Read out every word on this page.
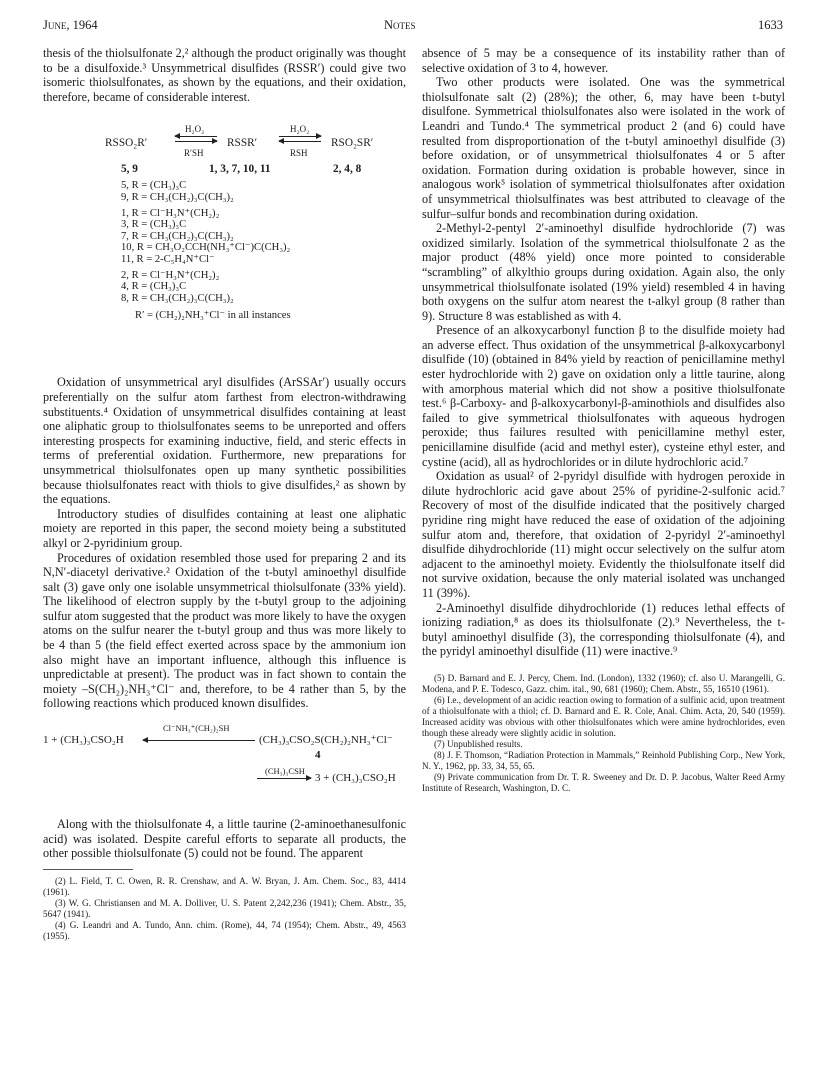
June, 1964	Notes	1633

thesis of the thiolsulfonate 2,² although the product originally was thought to be a disulfoxide.³ Unsymmetrical disulfides (RSSR′) could give two isomeric thiolsulfonates, as shown by the equations, and their oxidation, therefore, became of considerable interest.

RSSO₂R′
H₂O₂
R′SH
RSSR′
H₂O₂
RSH
RSO₂SR′
5, 9	1, 3, 7, 10, 11	2, 4, 8
5, R = (CH₃)₃C
9, R = CH₃(CH₂)₃C(CH₃)₂
1, R = Cl⁻H₃N⁺(CH₂)₂
3, R = (CH₃)₃C
7, R = CH₃(CH₂)₃C(CH₃)₂
10, R = CH₃O₂CCH(NH₃⁺Cl⁻)C(CH₃)₂
11, R = 2-C₅H₄N⁺Cl⁻
2, R = Cl⁻H₃N⁺(CH₂)₂
4, R = (CH₃)₃C
8, R = CH₃(CH₂)₃C(CH₃)₂
R′ = (CH₂)₂NH₃⁺Cl⁻ in all instances

Oxidation of unsymmetrical aryl disulfides (ArSSAr′) usually occurs preferentially on the sulfur atom farthest from electron-withdrawing substituents.⁴ Oxidation of unsymmetrical disulfides containing at least one aliphatic group to thiolsulfonates seems to be unreported and offers interesting prospects for examining inductive, field, and steric effects in terms of preferential oxidation. Furthermore, new preparations for unsymmetrical thiolsulfonates open up many synthetic possibilities because thiolsulfonates react with thiols to give disulfides,² as shown by the equations.

Introductory studies of disulfides containing at least one aliphatic moiety are reported in this paper, the second moiety being a substituted alkyl or 2-pyridinium group.

Procedures of oxidation resembled those used for preparing 2 and its N,N′-diacetyl derivative.² Oxidation of the t-butyl aminoethyl disulfide salt (3) gave only one isolable unsymmetrical thiolsulfonate (33% yield). The likelihood of electron supply by the t-butyl group to the adjoining sulfur atom suggested that the product was more likely to have the oxygen atoms on the sulfur nearer the t-butyl group and thus was more likely to be 4 than 5 (the field effect exerted across space by the ammonium ion also might have an important influence, although this influence is unpredictable at present). The product was in fact shown to contain the moiety –S(CH₂)₂NH₃⁺Cl⁻ and, therefore, to be 4 rather than 5, by the following reactions which produced known disulfides.

Cl⁻NH₃⁺(CH₂)₂SH
1 + (CH₃)₃CSO₂H	(CH₃)₃CSO₂S(CH₂)₂NH₃⁺Cl⁻
4
(CH₃)₃CSH
3 + (CH₃)₃CSO₂H

Along with the thiolsulfonate 4, a little taurine (2-aminoethanesulfonic acid) was isolated. Despite careful efforts to separate all products, the other possible thiolsulfonate (5) could not be found. The apparent

(2) L. Field, T. C. Owen, R. R. Crenshaw, and A. W. Bryan, J. Am. Chem. Soc., 83, 4414 (1961).

(3) W. G. Christiansen and M. A. Dolliver, U. S. Patent 2,242,236 (1941); Chem. Abstr., 35, 5647 (1941).

(4) G. Leandri and A. Tundo, Ann. chim. (Rome), 44, 74 (1954); Chem. Abstr., 49, 4563 (1955).

absence of 5 may be a consequence of its instability rather than of selective oxidation of 3 to 4, however.

Two other products were isolated. One was the symmetrical thiolsulfonate salt (2) (28%); the other, 6, may have been t-butyl disulfone. Symmetrical thiolsulfonates also were isolated in the work of Leandri and Tundo.⁴ The symmetrical product 2 (and 6) could have resulted from disproportionation of the t-butyl aminoethyl disulfide (3) before oxidation, or of unsymmetrical thiolsulfonates 4 or 5 after oxidation. Formation during oxidation is probable however, since in analogous work⁵ isolation of symmetrical thiolsulfonates after oxidation of unsymmetrical thiolsulfinates was best attributed to cleavage of the sulfur–sulfur bonds and recombination during oxidation.

2-Methyl-2-pentyl 2′-aminoethyl disulfide hydrochloride (7) was oxidized similarly. Isolation of the symmetrical thiolsulfonate 2 as the major product (48% yield) once more pointed to considerable “scrambling” of alkylthio groups during oxidation. Again also, the only unsymmetrical thiolsulfonate isolated (19% yield) resembled 4 in having both oxygens on the sulfur atom nearest the t-alkyl group (8 rather than 9). Structure 8 was established as with 4.

Presence of an alkoxycarbonyl function β to the disulfide moiety had an adverse effect. Thus oxidation of the unsymmetrical β-alkoxycarbonyl disulfide (10) (obtained in 84% yield by reaction of penicillamine methyl ester hydrochloride with 2) gave on oxidation only a little taurine, along with amorphous material which did not show a positive thiolsulfonate test.⁶ β-Carboxy- and β-alkoxycarbonyl-β-aminothiols and disulfides also failed to give symmetrical thiolsulfonates with aqueous hydrogen peroxide; thus failures resulted with penicillamine methyl ester, penicillamine disulfide (acid and methyl ester), cysteine ethyl ester, and cystine (acid), all as hydrochlorides or in dilute hydrochloric acid.⁷

Oxidation as usual² of 2-pyridyl disulfide with hydrogen peroxide in dilute hydrochloric acid gave about 25% of pyridine-2-sulfonic acid.⁷ Recovery of most of the disulfide indicated that the positively charged pyridine ring might have reduced the ease of oxidation of the adjoining sulfur atom and, therefore, that oxidation of 2-pyridyl 2′-aminoethyl disulfide dihydrochloride (11) might occur selectively on the sulfur atom adjacent to the aminoethyl moiety. Evidently the thiolsulfonate itself did not survive oxidation, because the only material isolated was unchanged 11 (39%).

2-Aminoethyl disulfide dihydrochloride (1) reduces lethal effects of ionizing radiation,⁸ as does its thiolsulfonate (2).⁹ Nevertheless, the t-butyl aminoethyl disulfide (3), the corresponding thiolsulfonate (4), and the pyridyl aminoethyl disulfide (11) were inactive.⁹

(5) D. Barnard and E. J. Percy, Chem. Ind. (London), 1332 (1960); cf. also U. Marangelli, G. Modena, and P. E. Todesco, Gazz. chim. ital., 90, 681 (1960); Chem. Abstr., 55, 16510 (1961).

(6) I.e., development of an acidic reaction owing to formation of a sulfinic acid, upon treatment of a thiolsulfonate with a thiol; cf. D. Barnard and E. R. Cole, Anal. Chim. Acta, 20, 540 (1959). Increased acidity was obvious with other thiolsulfonates which were amine hydrochlorides, even though these already were slightly acidic in solution.

(7) Unpublished results.

(8) J. F. Thomson, “Radiation Protection in Mammals,” Reinhold Publishing Corp., New York, N. Y., 1962, pp. 33, 34, 55, 65.

(9) Private communication from Dr. T. R. Sweeney and Dr. D. P. Jacobus, Walter Reed Army Institute of Research, Washington, D. C.
